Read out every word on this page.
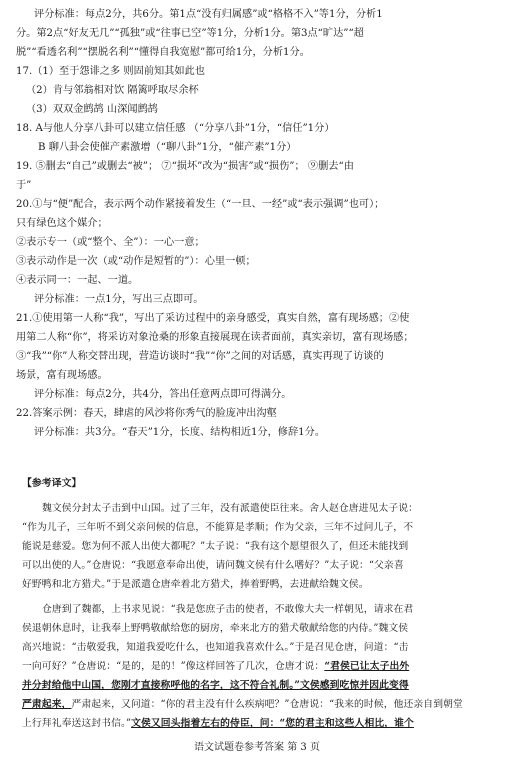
评分标准：每点2分，共6分。第1点“没有归属感”或“格格不入”等1分，分析1
分。第2点“好友无几”“孤独”或“往事已空”等1分，分析1分。第3点“旷达”“超
脱”“看透名利”“摆脱名利”“懂得自我宽慰”都可给1分，分析1分。
17.（1）至于怨诽之多 则固前知其如此也
（2）肯与邻翁相对饮 隔篱呼取尽余杯
（3）双双金鹧鸪 山深闻鹧鸪
18. A与他人分享八卦可以建立信任感 （“分享八卦”1分，“信任”1分）
B 聊八卦会使催产素激增（“聊八卦”1分，“催产素”1分）
19. ⑤删去“自己”或删去“被”； ⑦“损坏”改为“损害”或“损伤”； ⑨删去“由
于”
20.①与“便”配合，表示两个动作紧接着发生（“一旦、一经”或“表示强调”也可）；
只有绿色这个媒介；
②表示专一（或“整个、全”）：一心一意；
③表示动作是一次（或“动作是短暂的”）：心里一顿；
④表示同一：一起、一道。
评分标准：一点1分，写出三点即可。
21.①使用第一人称“我”，写出了采访过程中的亲身感受，真实自然，富有现场感；②使
用第二人称“你”，将采访对象沧桑的形象直接展现在读者面前，真实亲切，富有现场感；
③“我”“你”人称交替出现，营造访谈时“我”“你”之间的对话感，真实再现了访谈的
场景，富有现场感。
评分标准：每点2分，共4分，答出任意两点即可得满分。
22.答案示例：春天，肆虐的风沙将你秀气的脸庞冲出沟壑
评分标准：共3分。“春天”1分，长度、结构相近1分，修辞1分。
【参考译文】
魏文侯分封太子击到中山国。过了三年，没有派遣使臣往来。舍人赵仓唐进见太子说：
“作为儿子，三年听不到父亲问候的信息，不能算是孝顺；作为父亲，三年不过问儿子，不
能说是慈爱。您为何不派人出使大都呢？”太子说：“我有这个愿望很久了，但还未能找到
可以出使的人。”仓唐说：“我愿意奉命出使，请问魏文侯有什么嗜好？”太子说：“父亲喜
好野鸭和北方猎犬。”于是派遣仓唐牵着北方猎犬，捧着野鸭，去进献给魏文侯。
仓唐到了魏都，上书求见说：“我是您庶子击的使者，不敢像大夫一样朝见，请求在君
侯退朝休息时，让我奉上野鸭敬献给您的厨房，牵来北方的猎犬敬献给您的内侍。”魏文侯
高兴地说：“击敬爱我，知道我爱吃什么，也知道我喜欢什么。”于是召见仓唐，问道：“击
一向可好？”仓唐说：“是的，是的！”像这样回答了几次，仓唐才说：“君侯已让太子出外
并分封给他中山国，您刚才直接称呼他的名字，这不符合礼制。”文侯感到吃惊并因此变得
严肃起来，严肃起来，又问道：“你的君主没有什么疾病吧？”仓唐说：“我来的时候，他还亲自到朝堂
上行拜礼奉送这封书信。”文侯又回头指着左右的侍臣，问：“您的君主和这些人相比，谁个
语文试题卷参考答案 第 3 页
